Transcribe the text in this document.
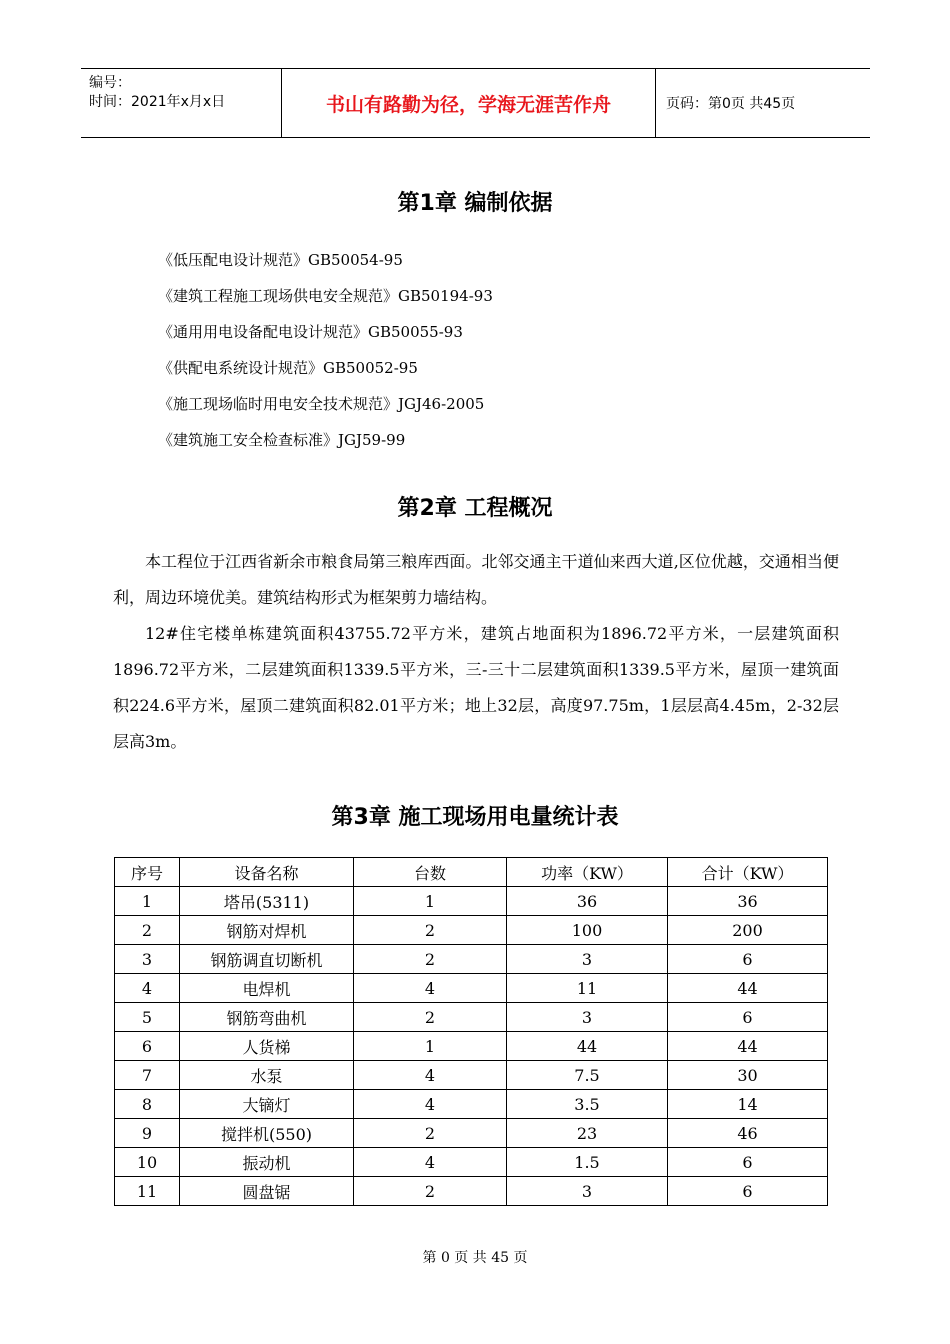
编号：
时间：2021年x月x日	书山有路勤为径，学海无涯苦作舟	页码：第0页 共45页
第1章 编制依据
《低压配电设计规范》GB50054-95
《建筑工程施工现场供电安全规范》GB50194-93
《通用用电设备配电设计规范》GB50055-93
《供配电系统设计规范》GB50052-95
《施工现场临时用电安全技术规范》JGJ46-2005
《建筑施工安全检查标准》JGJ59-99
第2章 工程概况

本工程位于江西省新余市粮食局第三粮库西面。北邻交通主干道仙来西大道,区位优越，交通相当便利，周边环境优美。建筑结构形式为框架剪力墙结构。

12#住宅楼单栋建筑面积43755.72平方米，建筑占地面积为1896.72平方米，一层建筑面积1896.72平方米，二层建筑面积1339.5平方米，三-三十二层建筑面积1339.5平方米，屋顶一建筑面积224.6平方米，屋顶二建筑面积82.01平方米；地上32层，高度97.75m，1层层高4.45m，2-32层层高3m。

第3章 施工现场用电量统计表
序号	设备名称	台数	功率（KW）	合计（KW）
1	塔吊(5311)	1	36	36
2	钢筋对焊机	2	100	200
3	钢筋调直切断机	2	3	6
4	电焊机	4	11	44
5	钢筋弯曲机	2	3	6
6	人货梯	1	44	44
7	水泵	4	7.5	30
8	大镝灯	4	3.5	14
9	搅拌机(550)	2	23	46
10	振动机	4	1.5	6
11	圆盘锯	2	3	6
第 0 页 共 45 页
